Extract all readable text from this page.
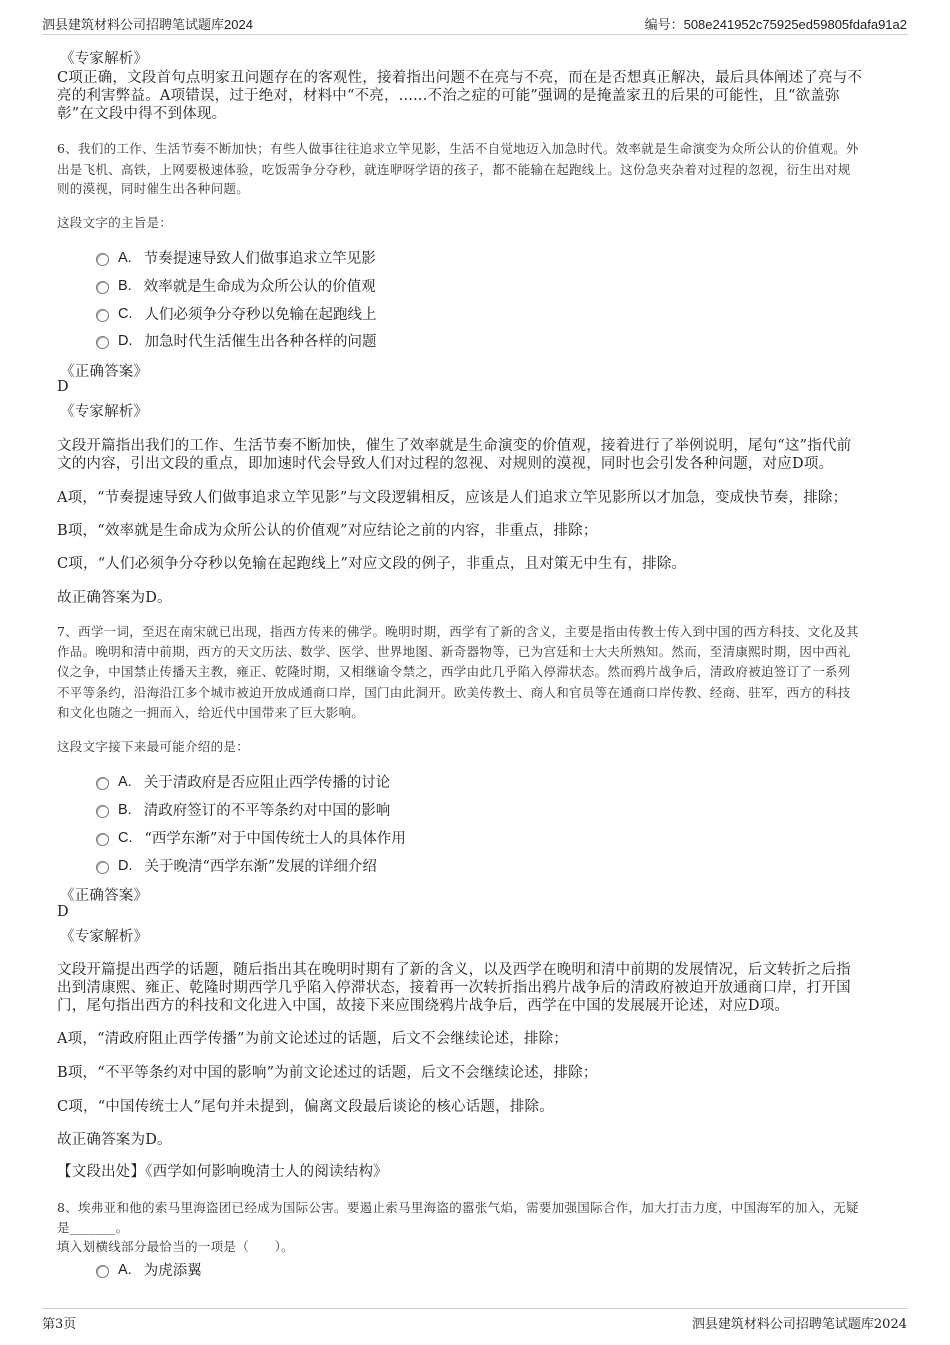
泗县建筑材料公司招聘笔试题库2024	编号：508e241952c75925ed59805fdafa91a2
《专家解析》
C项正确，文段首句点明家丑问题存在的客观性，接着指出问题不在亮与不亮，而在是否想真正解决，最后具体阐述了亮与不
亮的利害弊益。A项错误，过于绝对，材料中“不亮，......不治之症的可能”强调的是掩盖家丑的后果的可能性，且“欲盖弥
彰”在文段中得不到体现。
6、我们的工作、生活节奏不断加快；有些人做事往往追求立竿见影，生活不自觉地迈入加急时代。效率就是生命演变为众所公认的价值观。外
出是飞机、高铁，上网要极速体验，吃饭需争分夺秒，就连咿呀学语的孩子，都不能输在起跑线上。这份急夹杂着对过程的忽视，衍生出对规
则的漠视，同时催生出各种问题。
这段文字的主旨是：
A. 节奏提速导致人们做事追求立竿见影
B. 效率就是生命成为众所公认的价值观
C. 人们必须争分夺秒以免输在起跑线上
D. 加急时代生活催生出各种各样的问题
《正确答案》
D
《专家解析》
文段开篇指出我们的工作、生活节奏不断加快，催生了效率就是生命演变的价值观，接着进行了举例说明，尾句“这”指代前
文的内容，引出文段的重点，即加速时代会导致人们对过程的忽视、对规则的漠视，同时也会引发各种问题，对应D项。
A项，“节奏提速导致人们做事追求立竿见影”与文段逻辑相反，应该是人们追求立竿见影所以才加急，变成快节奏，排除；
B项，“效率就是生命成为众所公认的价值观”对应结论之前的内容，非重点，排除；
C项，“人们必须争分夺秒以免输在起跑线上”对应文段的例子，非重点，且对策无中生有，排除。
故正确答案为D。
7、西学一词，至迟在南宋就已出现，指西方传来的佛学。晚明时期，西学有了新的含义，主要是指由传教士传入到中国的西方科技、文化及其
作品。晚明和清中前期，西方的天文历法、数学、医学、世界地图、新奇器物等，已为宫廷和士大夫所熟知。然而，至清康熙时期，因中西礼
仪之争，中国禁止传播天主教，雍正、乾隆时期，又相继谕令禁之，西学由此几乎陷入停滞状态。然而鸦片战争后，清政府被迫签订了一系列
不平等条约，沿海沿江多个城市被迫开放成通商口岸，国门由此洞开。欧美传教士、商人和官员等在通商口岸传教、经商、驻军，西方的科技
和文化也随之一拥而入，给近代中国带来了巨大影响。
这段文字接下来最可能介绍的是：
A. 关于清政府是否应阻止西学传播的讨论
B. 清政府签订的不平等条约对中国的影响
C. “西学东渐”对于中国传统士人的具体作用
D. 关于晚清“西学东渐”发展的详细介绍
《正确答案》
D
《专家解析》
文段开篇提出西学的话题，随后指出其在晚明时期有了新的含义，以及西学在晚明和清中前期的发展情况，后文转折之后指
出到清康熙、雍正、乾隆时期西学几乎陷入停滞状态，接着再一次转折指出鸦片战争后的清政府被迫开放通商口岸，打开国
门，尾句指出西方的科技和文化进入中国，故接下来应围绕鸦片战争后，西学在中国的发展展开论述，对应D项。
A项，“清政府阻止西学传播”为前文论述过的话题，后文不会继续论述，排除；
B项，“不平等条约对中国的影响”为前文论述过的话题，后文不会继续论述，排除；
C项，“中国传统士人”尾句并未提到，偏离文段最后谈论的核心话题，排除。
故正确答案为D。
【文段出处】《西学如何影响晚清士人的阅读结构》
8、埃弗亚和他的索马里海盗团已经成为国际公害。要遏止索马里海盗的嚣张气焰，需要加强国际合作，加大打击力度，中国海军的加入，无疑
是_______。
填入划横线部分最恰当的一项是（　　）。
A. 为虎添翼
第3页	泗县建筑材料公司招聘笔试题库2024
